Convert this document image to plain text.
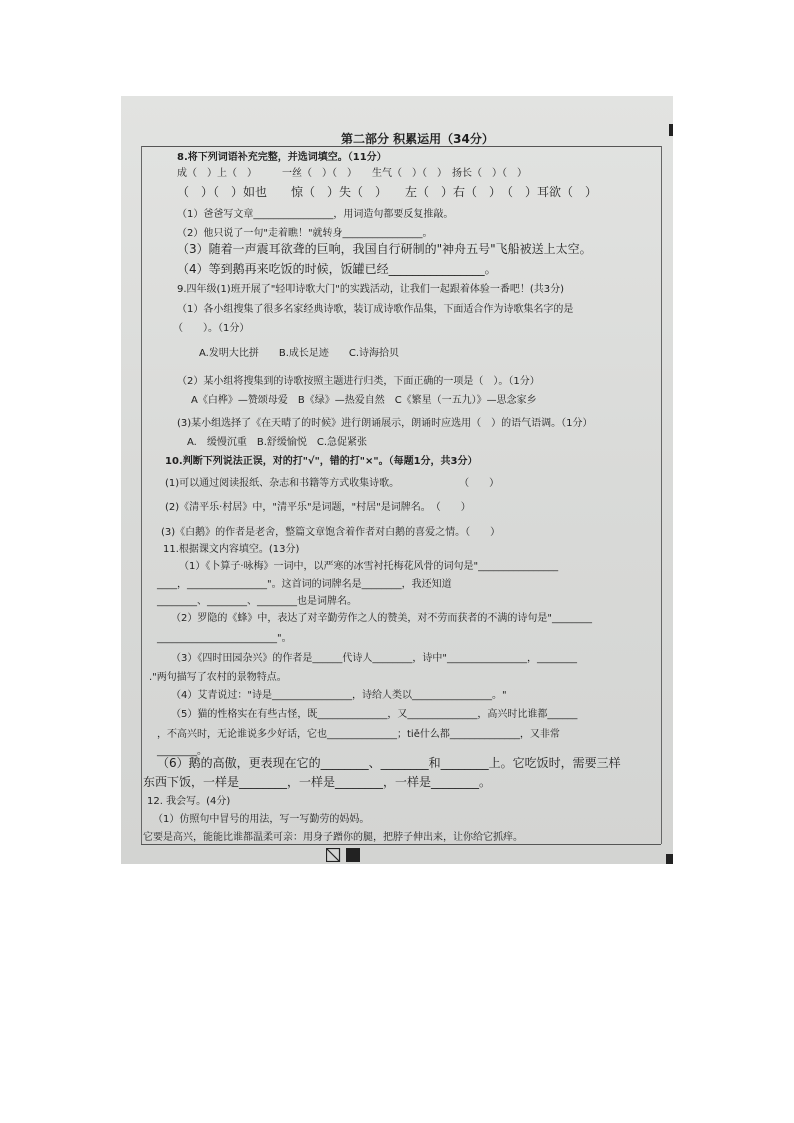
第二部分 积累运用（34分）
8.将下列词语补充完整，并选词填空。（11分）
成（　）上（　）　　　一丝（　）（　）　　生气（　）（　）　扬长（　）（　）
（　）（　）如也　　惊（　）失（　）　　左（　）右（　）　（　）耳欲（　）
（1）爸爸写文章________________，用词造句都要反复推敲。
（2）他只说了一句"走着瞧！"就转身________________。
（3）随着一声震耳欲聋的巨响，我国自行研制的"神舟五号"飞船被送上太空。
（4）等到鹅再来吃饭的时候，饭罐已经________________。
9.四年级(1)班开展了"轻叩诗歌大门"的实践活动，让我们一起跟着体验一番吧！(共3分)
（1）各小组搜集了很多名家经典诗歌，装订成诗歌作品集，下面适合作为诗歌集名字的是
（　　）。（1分）
A.发明大比拼　　B.成长足迹　　C.诗海拾贝
（2）某小组将搜集到的诗歌按照主题进行归类，下面正确的一项是（　）。（1分）
A《白桦》—赞颂母爱　B《绿》—热爱自然　C《繁星（一五九）》—思念家乡
(3)某小组选择了《在天晴了的时候》进行朗诵展示，朗诵时应选用（　）的语气语调。（1分）
A.　缓慢沉重　B.舒缓愉悦　C.急促紧张
10.判断下列说法正误，对的打"√"，错的打"×"。（每题1分，共3分）
(1)可以通过阅读报纸、杂志和书籍等方式收集诗歌。　　　　　　　（　　）
(2)《清平乐·村居》中，"清平乐"是词题，"村居"是词牌名。　（　　）
(3)《白鹅》的作者是老舍，整篇文章饱含着作者对白鹅的喜爱之情。（　　）
11.根据课文内容填空。(13分)
（1）《卜算子·咏梅》一词中，以严寒的冰雪衬托梅花风骨的词句是"________________
____，________________"。这首词的词牌名是________，我还知道
________、________、________也是词牌名。
（2）罗隐的《蜂》中，表达了对辛勤劳作之人的赞美，对不劳而获者的不满的诗句是"________
________________________"。
（3）《四时田园杂兴》的作者是______代诗人________，诗中"________________，________
."两句描写了农村的景物特点。
（4）艾青说过："诗是________________，诗给人类以________________。"
（5）猫的性格实在有些古怪，既______________，又______________，高兴时比谁都______
，不高兴时，无论谁说多少好话，它也______________；tiě什么都______________，又非常
________。
（6）鹅的高傲，更表现在它的________、________和________上。它吃饭时，需要三样
东西下饭，一样是________，一样是________，一样是________。
12. 我会写。(4分)
（1）仿照句中冒号的用法，写一写勤劳的妈妈。
它要是高兴，能能比谁都温柔可亲：用身子蹭你的腿，把脖子伸出来，让你给它抓痒。
